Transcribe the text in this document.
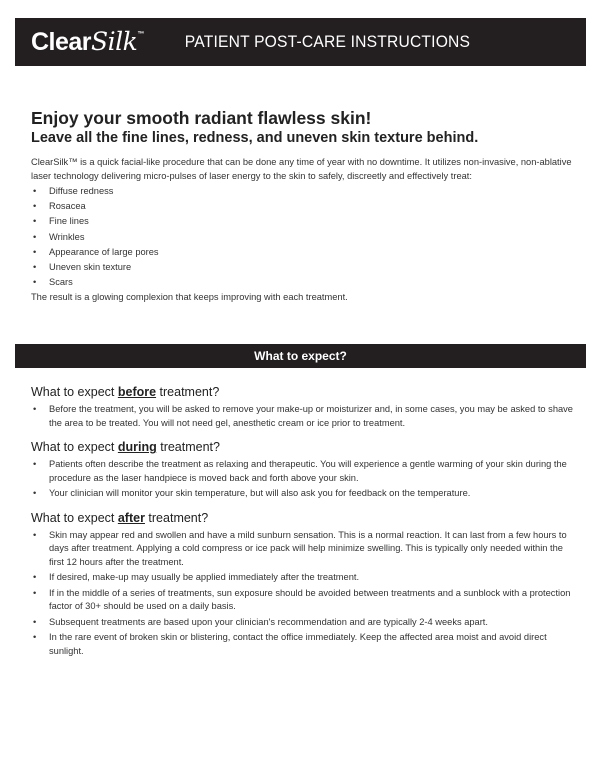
ClearSilk™ PATIENT POST-CARE INSTRUCTIONS
Enjoy your smooth radiant flawless skin!
Leave all the fine lines, redness, and uneven skin texture behind.

ClearSilk™ is a quick facial-like procedure that can be done any time of year with no downtime. It utilizes non-invasive, non-ablative laser technology delivering micro-pulses of laser energy to the skin to safely, discreetly and effectively treat:

• Diffuse redness
• Rosacea
• Fine lines
• Wrinkles
• Appearance of large pores
• Uneven skin texture
• Scars

The result is a glowing complexion that keeps improving with each treatment.

What to expect?
What to expect before treatment?
• Before the treatment, you will be asked to remove your make-up or moisturizer and, in some cases, you may be asked to shave the area to be treated. You will not need gel, anesthetic cream or ice prior to treatment.
What to expect during treatment?
• Patients often describe the treatment as relaxing and therapeutic. You will experience a gentle warming of your skin during the procedure as the laser handpiece is moved back and forth above your skin.
• Your clinician will monitor your skin temperature, but will also ask you for feedback on the temperature.
What to expect after treatment?
• Skin may appear red and swollen and have a mild sunburn sensation. This is a normal reaction. It can last from a few hours to days after treatment. Applying a cold compress or ice pack will help minimize swelling. This is typically only needed within the first 12 hours after the treatment.
• If desired, make-up may usually be applied immediately after the treatment.
• If in the middle of a series of treatments, sun exposure should be avoided between treatments and a sunblock with a protection factor of 30+ should be used on a daily basis.
• Subsequent treatments are based upon your clinician's recommendation and are typically 2-4 weeks apart.
• In the rare event of broken skin or blistering, contact the office immediately. Keep the affected area moist and avoid direct sunlight.
